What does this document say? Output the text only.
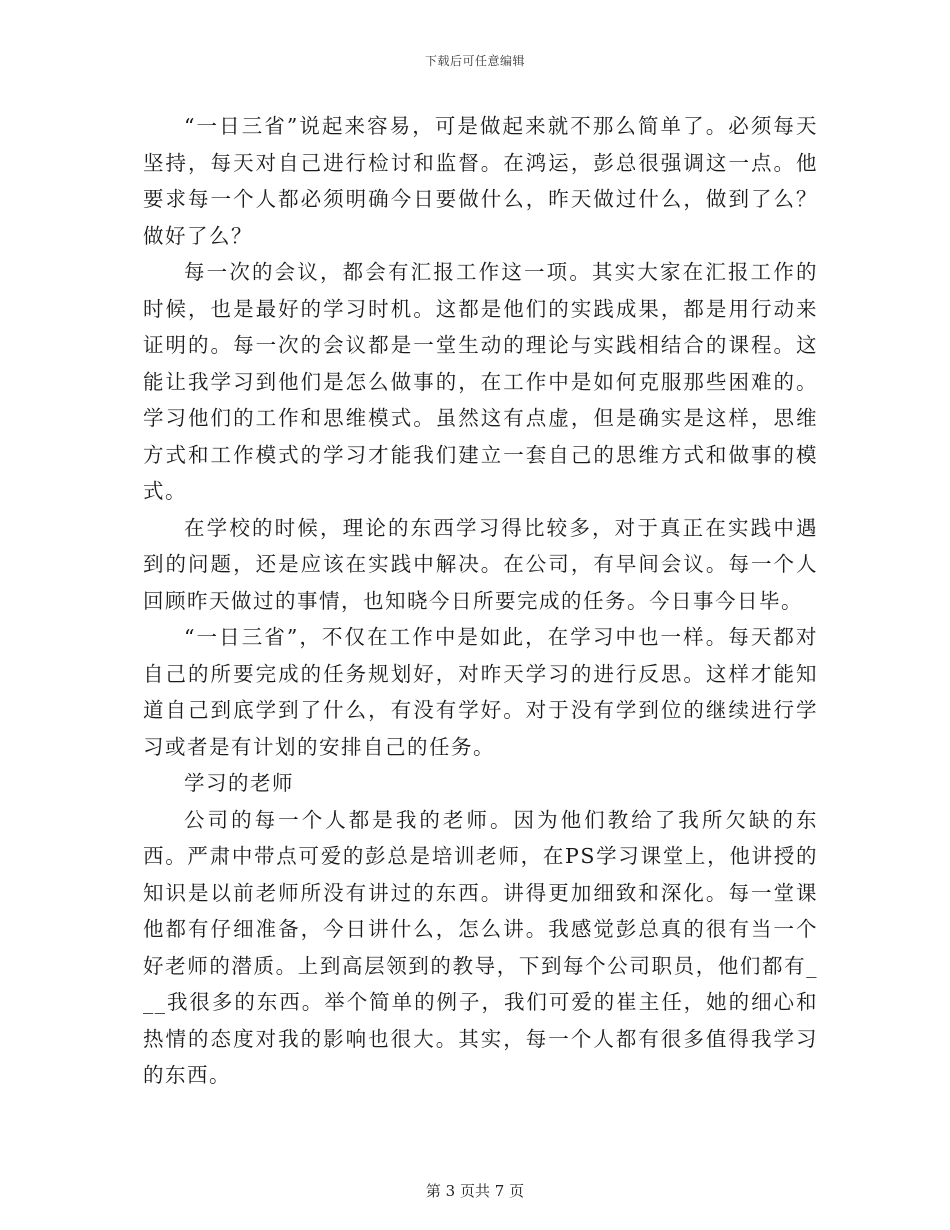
下载后可任意编辑

“一日三省”说起来容易，可是做起来就不那么简单了。必须每天坚持，每天对自己进行检讨和监督。在鸿运，彭总很强调这一点。他要求每一个人都必须明确今日要做什么，昨天做过什么，做到了么？做好了么？

每一次的会议，都会有汇报工作这一项。其实大家在汇报工作的时候，也是最好的学习时机。这都是他们的实践成果，都是用行动来证明的。每一次的会议都是一堂生动的理论与实践相结合的课程。这能让我学习到他们是怎么做事的，在工作中是如何克服那些困难的。学习他们的工作和思维模式。虽然这有点虚，但是确实是这样，思维方式和工作模式的学习才能我们建立一套自己的思维方式和做事的模式。

在学校的时候，理论的东西学习得比较多，对于真正在实践中遇到的问题，还是应该在实践中解决。在公司，有早间会议。每一个人回顾昨天做过的事情，也知晓今日所要完成的任务。今日事今日毕。

“一日三省”，不仅在工作中是如此，在学习中也一样。每天都对自己的所要完成的任务规划好，对昨天学习的进行反思。这样才能知道自己到底学到了什么，有没有学好。对于没有学到位的继续进行学习或者是有计划的安排自己的任务。

学习的老师

公司的每一个人都是我的老师。因为他们教给了我所欠缺的东西。严肃中带点可爱的彭总是培训老师，在PS学习课堂上，他讲授的知识是以前老师所没有讲过的东西。讲得更加细致和深化。每一堂课他都有仔细准备，今日讲什么，怎么讲。我感觉彭总真的很有当一个好老师的潜质。上到高层领到的教导，下到每个公司职员，他们都有___我很多的东西。举个简单的例子，我们可爱的崔主任，她的细心和热情的态度对我的影响也很大。其实，每一个人都有很多值得我学习的东西。

第 3 页共 7 页
